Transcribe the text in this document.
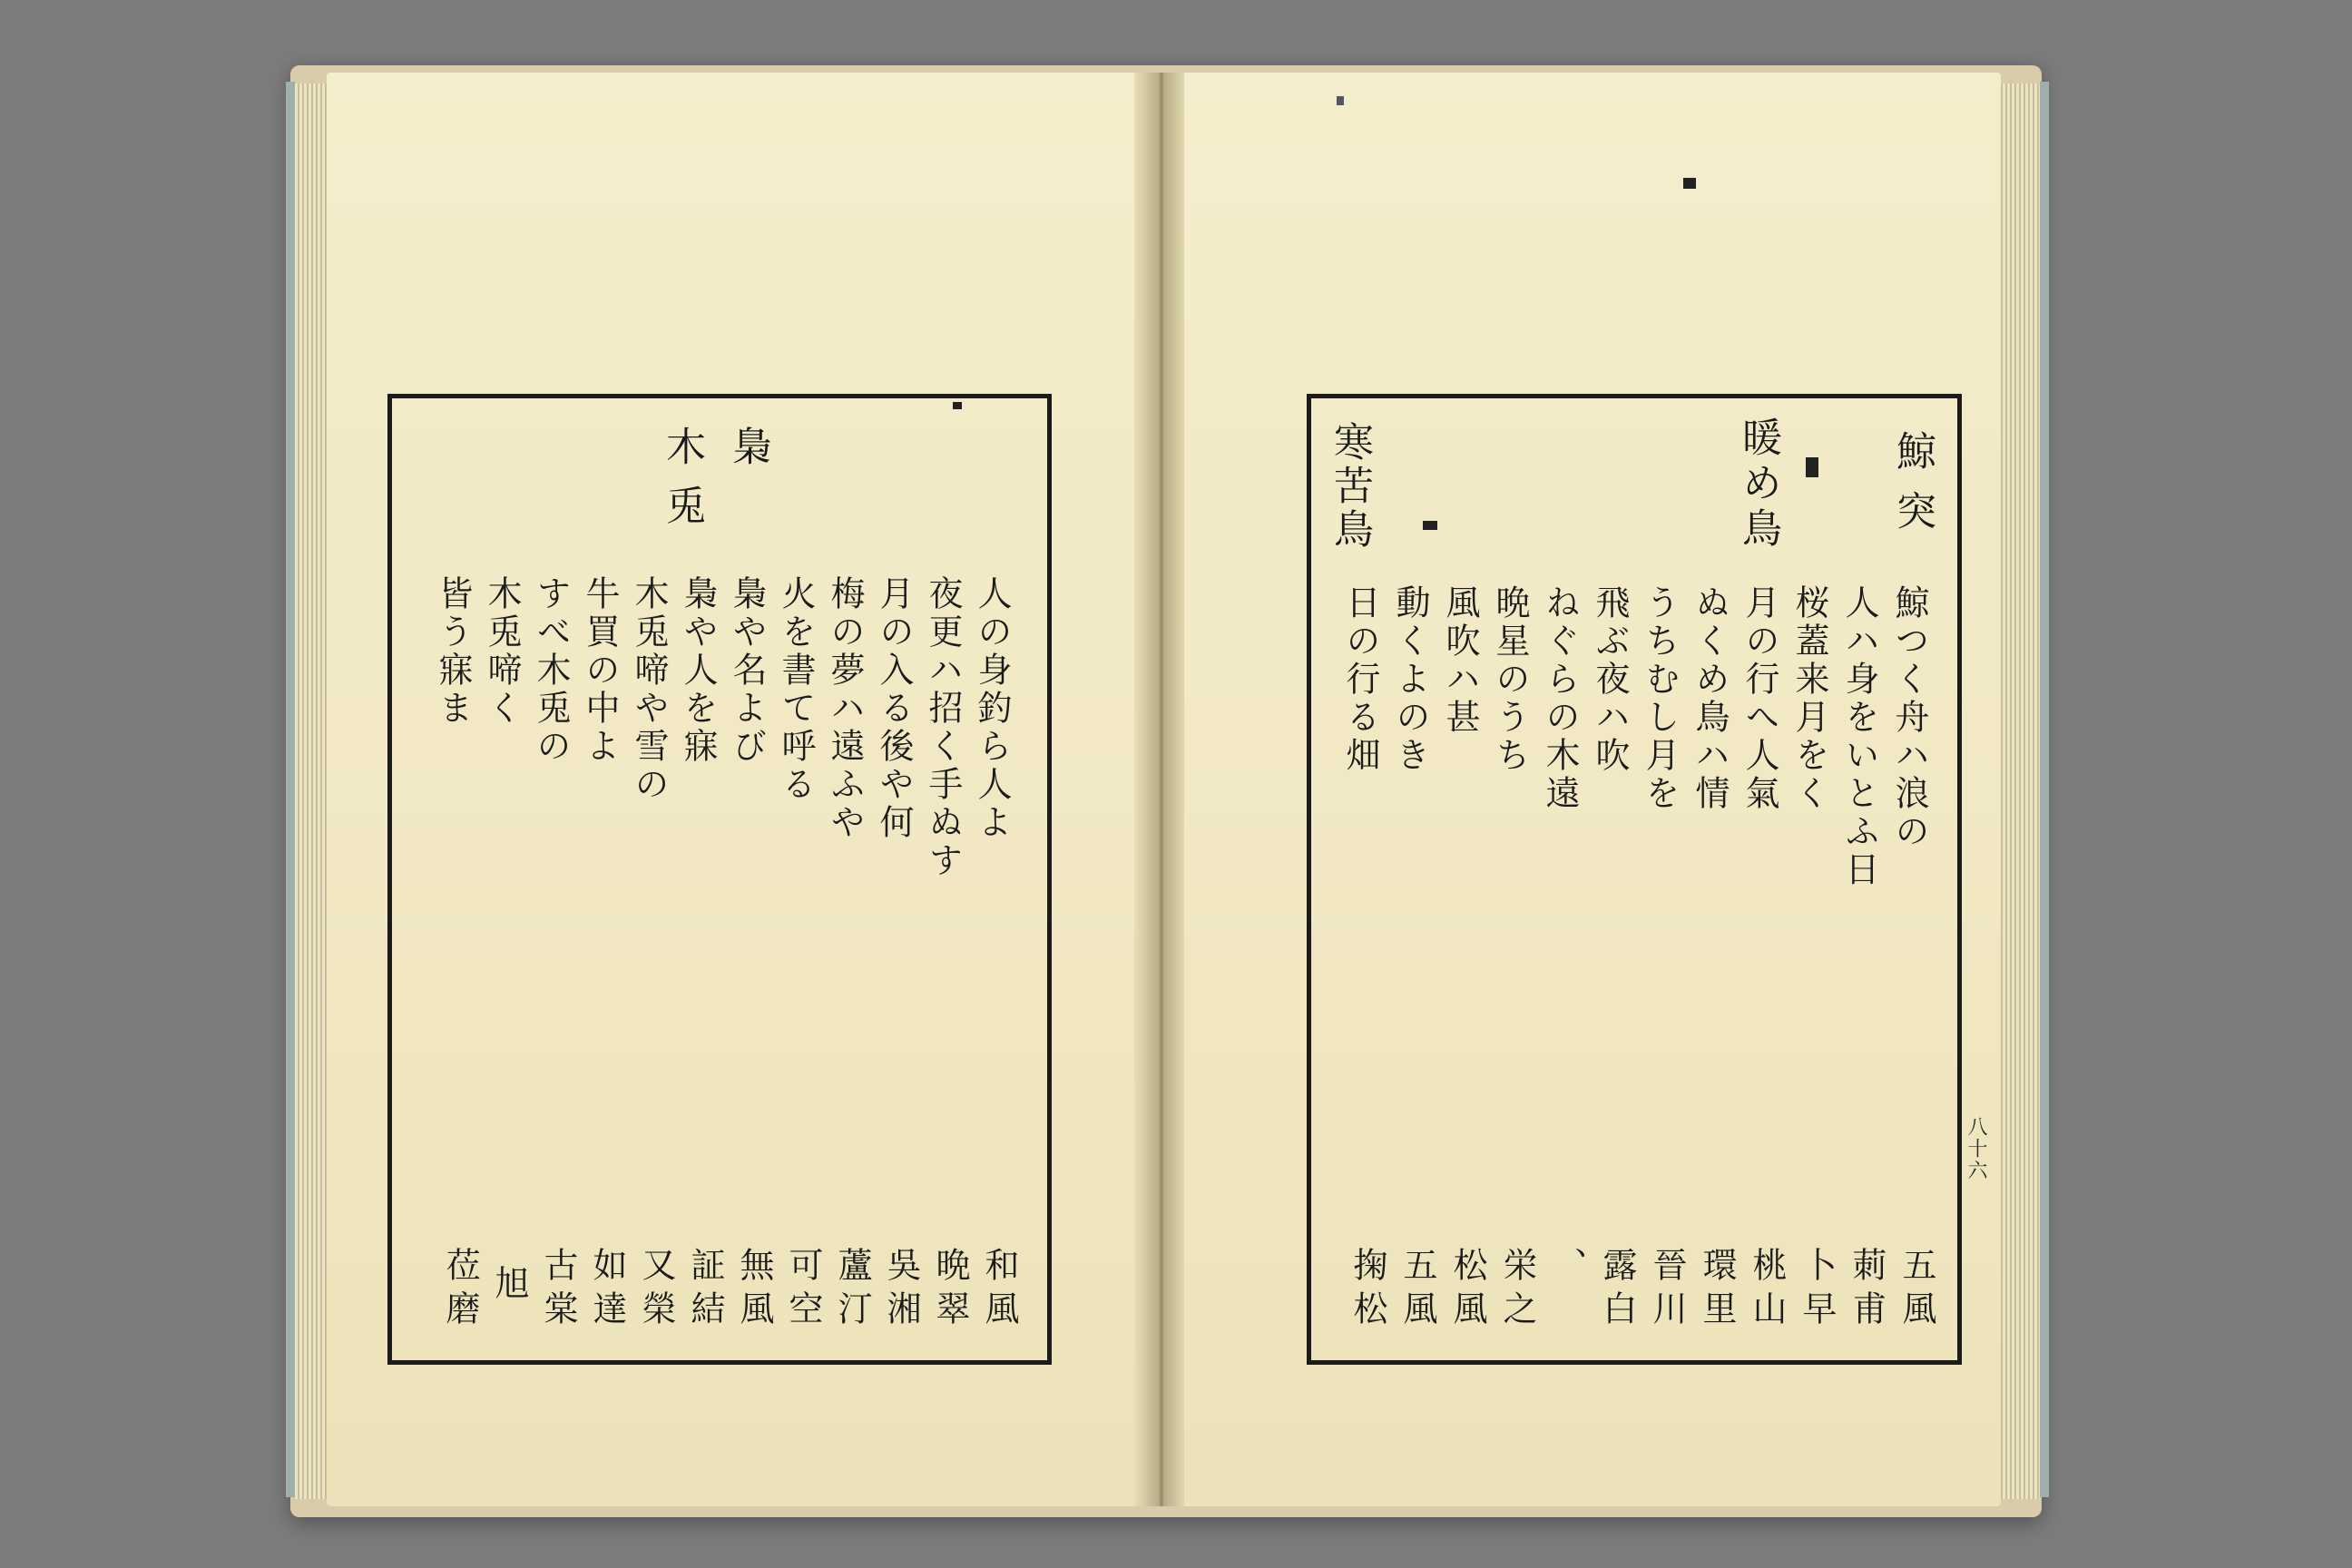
梟
木
兎
人の身釣ら人よ
夜更ハ招く手ぬす
月の入る後や何
梅の夢ハ遠ふや
火を書て呼る
梟や名よび
梟や人を寐
木兎啼や雪の
牛買の中よ
すべ木兎の
木兎啼く
皆う寐ま
和風
晩翠
吳湘
蘆汀
可空
無風
証結
又榮
如達
古棠
旭
莅磨
鯨突
暖め鳥
寒苦鳥
鯨つく舟ハ浪の
人ハ身をいとふ日
桜蓋来月をく
月の行へ人氣
ぬくめ鳥ハ情
うちむし月を
飛ぶ夜ハ吹
ねぐらの木遠
晩星のうち
風吹ハ甚
動くよのき
日の行る畑
五風
莿甫
卜早
桃山
環里
晉川
露白
、
栄之
松風
五風
掬松
八十六
